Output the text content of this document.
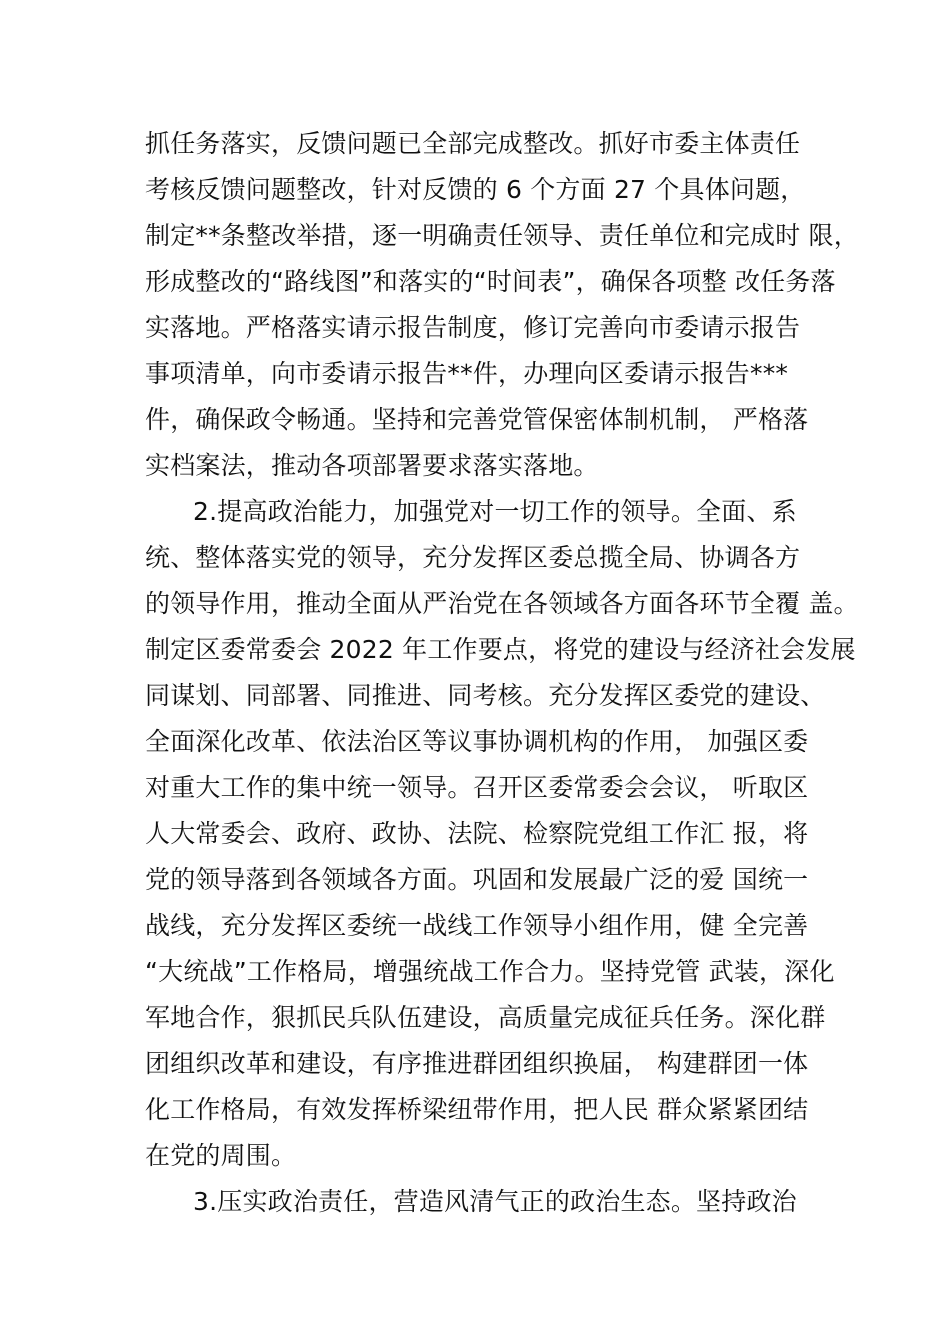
抓任务落实，反馈问题已全部完成整改。抓好市委主体责任
考核反馈问题整改，针对反馈的 6 个方面 27 个具体问题，
制定**条整改举措，逐一明确责任领导、责任单位和完成时 限，
形成整改的“路线图”和落实的“时间表”，确保各项整 改任务落
实落地。严格落实请示报告制度，修订完善向市委请示报告
事项清单，向市委请示报告**件，办理向区委请示报告***
件，确保政令畅通。坚持和完善党管保密体制机制， 严格落
实档案法，推动各项部署要求落实落地。
2.提高政治能力，加强党对一切工作的领导。全面、系
统、整体落实党的领导，充分发挥区委总揽全局、协调各方
的领导作用，推动全面从严治党在各领域各方面各环节全覆 盖。
制定区委常委会 2022 年工作要点，将党的建设与经济社会发展
同谋划、同部署、同推进、同考核。充分发挥区委党的建设、
全面深化改革、依法治区等议事协调机构的作用， 加强区委
对重大工作的集中统一领导。召开区委常委会会议， 听取区
人大常委会、政府、政协、法院、检察院党组工作汇 报，将
党的领导落到各领域各方面。巩固和发展最广泛的爱 国统一
战线，充分发挥区委统一战线工作领导小组作用，健 全完善
“大统战”工作格局，增强统战工作合力。坚持党管 武装，深化
军地合作，狠抓民兵队伍建设，高质量完成征兵任务。深化群
团组织改革和建设，有序推进群团组织换届， 构建群团一体
化工作格局，有效发挥桥梁纽带作用，把人民 群众紧紧团结
在党的周围。
3.压实政治责任，营造风清气正的政治生态。坚持政治
